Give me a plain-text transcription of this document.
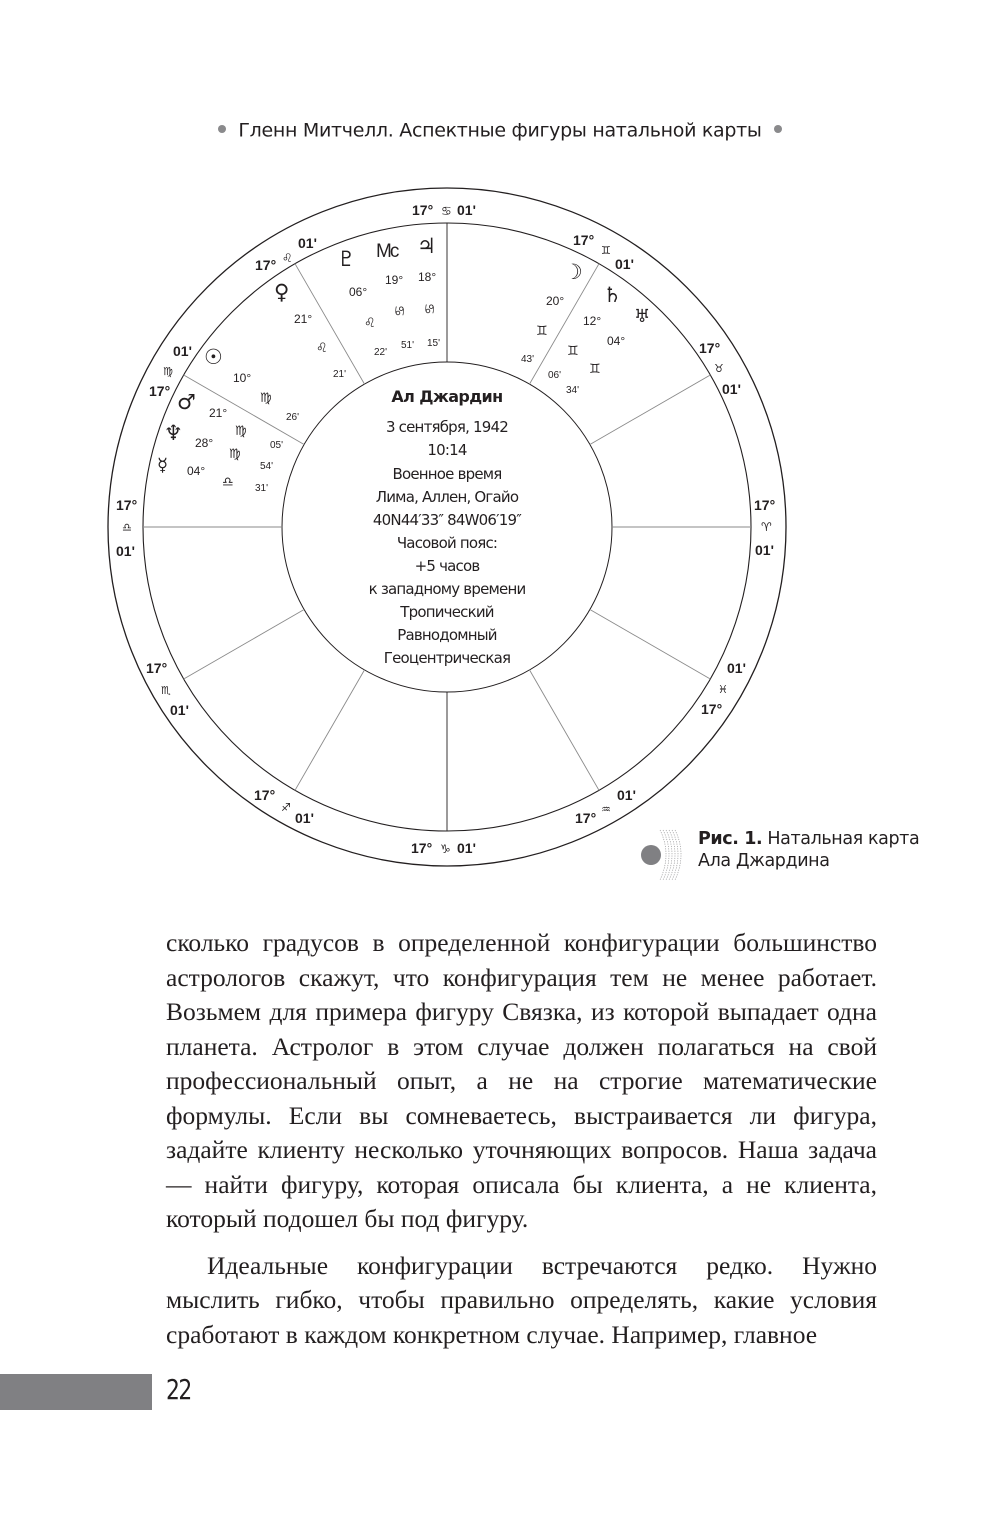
Гленн Митчелл. Аспектные фигуры натальной карты
17° ♋ 01'
17°
♊
01'
17°
♉
01'
17°
♈
01'
01'
♓
17°
17° ♒
01'
17° ♑ 01'
17°
♐
01'
17°
♏
01'
17°
♎
01'
01'
♍
17°
17° ♌
01'
♇ Mc ♃
♀
☉
♂
♆
☿
☽
♄
♅
06°
19° 18°
21°
10°
21°
28°
04°
20°
12°
04°
♌
♋ ♋
♌
♍
♍
♍
♎
♊
♊
♊
22'
51' 15'
21'
26'
05'
54'
31'
43'
06'
34'
Ал Джардин
3 сентября, 1942
10:14
Военное время
Лима, Аллен, Огайо
40N44′33″ 84W06′19″
Часовой пояс:
+5 часов
к западному времени
Тропический
Равнодомный
Геоцентрическая
Рис. 1. Натальная карта
Ала Джардина

сколько градусов в определенной конфигурации большинство астрологов скажут, что конфигурация тем не менее работает. Возьмем для примера фигуру Связка, из которой выпадает одна планета. Астролог в этом случае должен полагаться на свой профессиональный опыт, а не на строгие математические формулы. Если вы сомневаетесь, выстраивается ли фигура, задайте клиенту несколько уточняющих вопросов. Наша задача — найти фигуру, которая описала бы клиента, а не клиента, который подошел бы под фигуру.

Идеальные конфигурации встречаются редко. Нужно мыслить гибко, чтобы правильно определять, какие условия сработают в каждом конкретном случае. Например, главное

22
